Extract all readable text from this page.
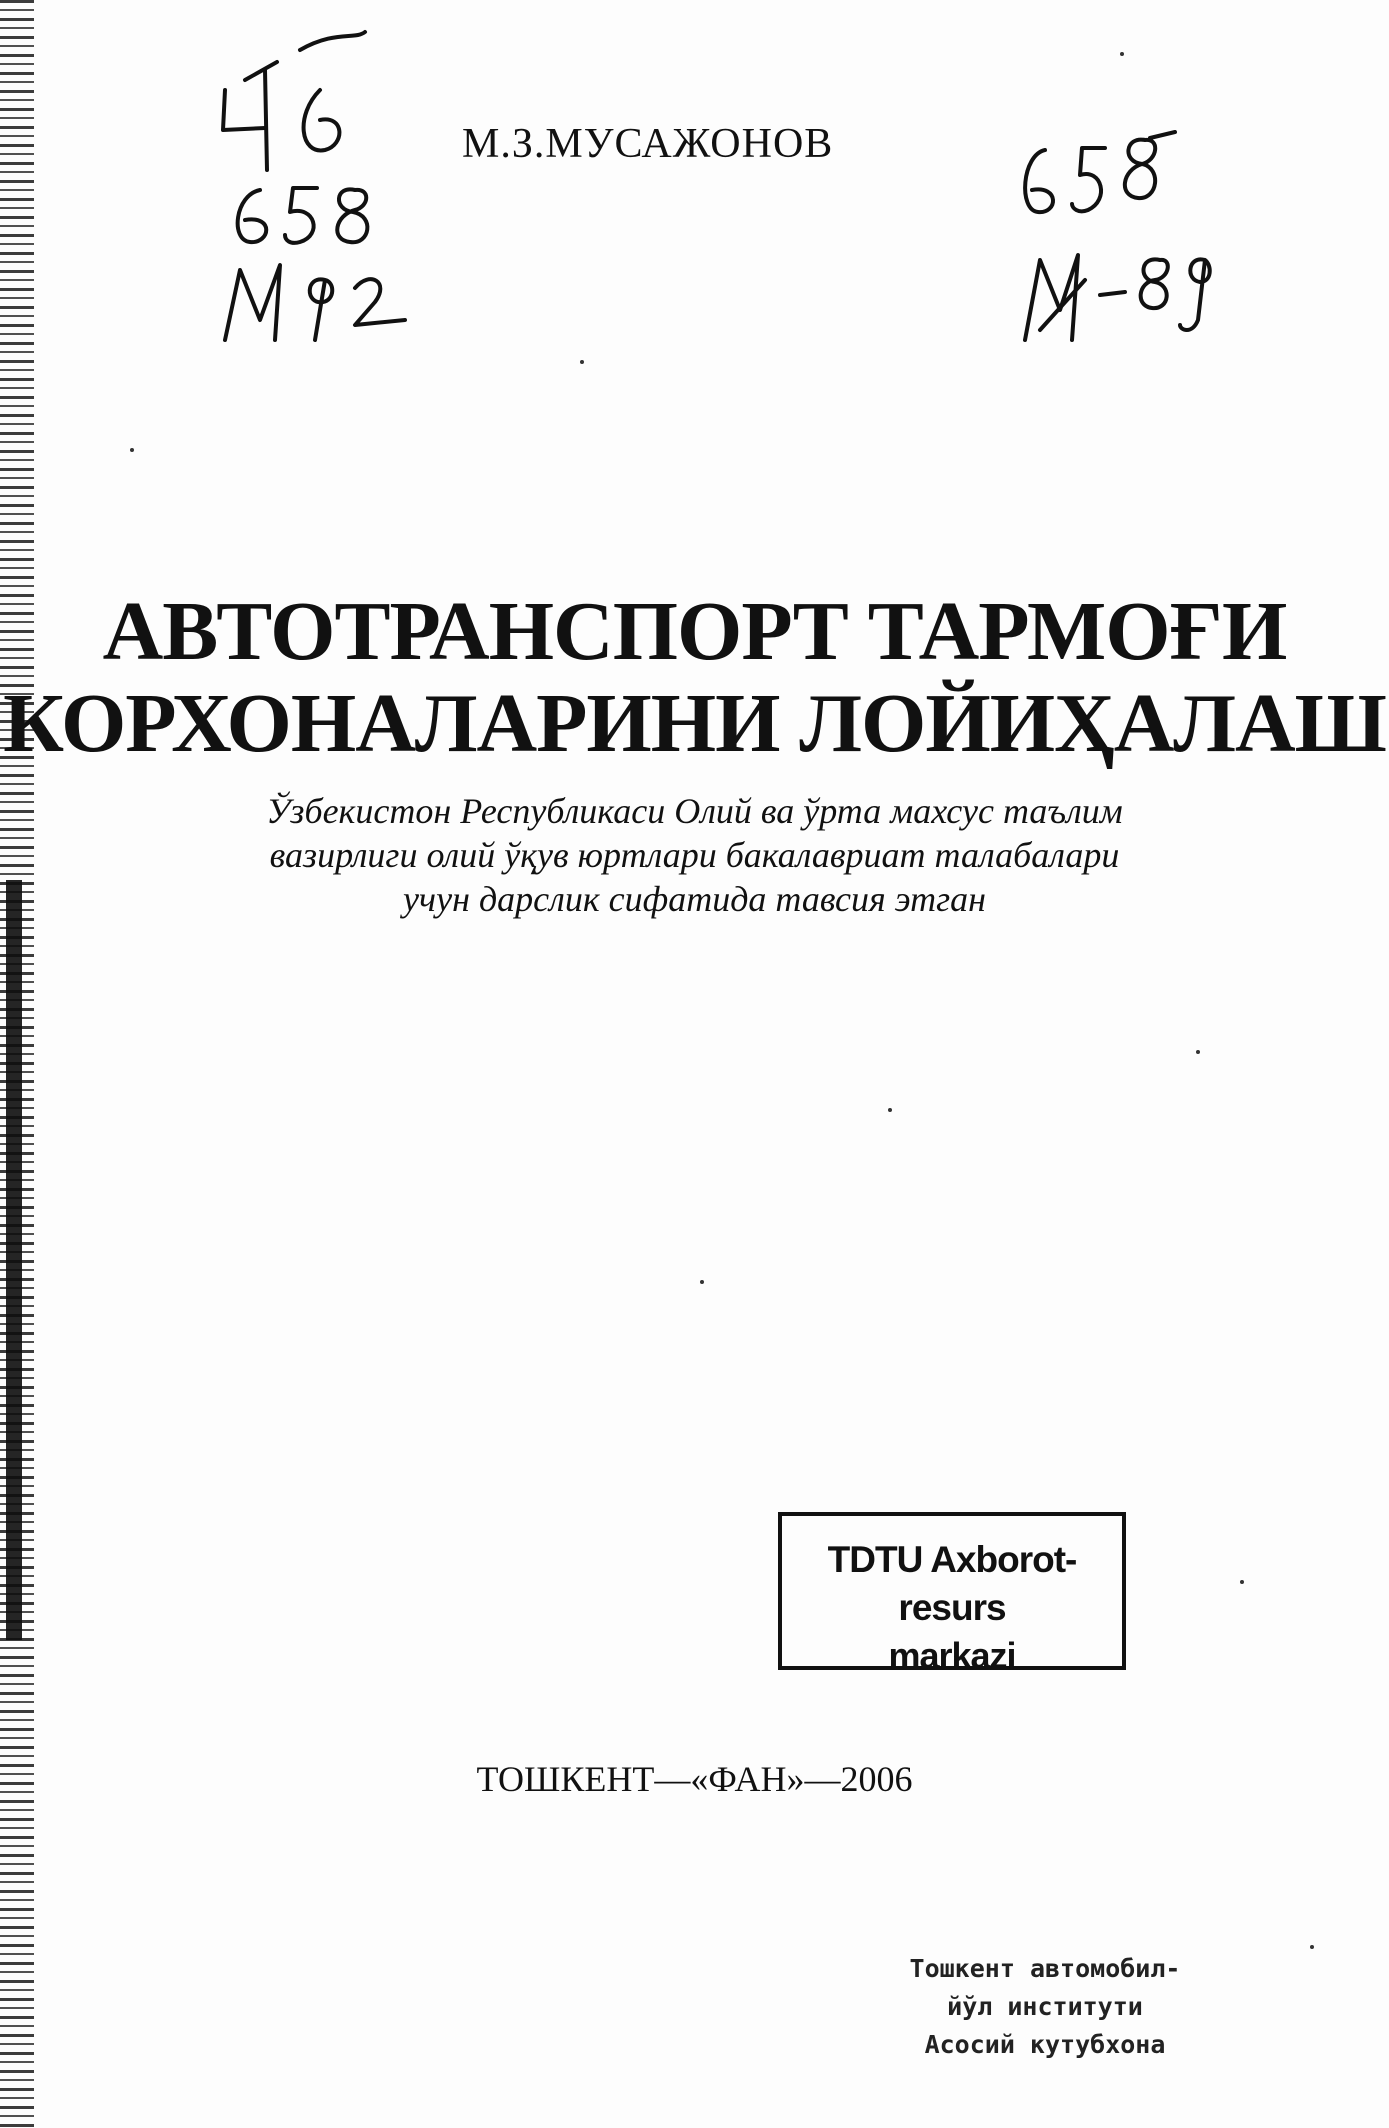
М.З.МУСАЖОНОВ
АВТОТРАНСПОРТ ТАРМОҒИ
КОРХОНАЛАРИНИ ЛОЙИҲАЛАШ
Ўзбекистон Республикаси Олий ва ўрта махсус таълим
вазирлиги олий ўқув юртлари бакалавриат талабалари
учун дарслик сифатида тавсия этган
TDTU Axborot-resurs
markazi
ТОШКЕНТ—«ФАН»—2006
Тошкент автомобил-
йўл институти
Асосий кутубхона
